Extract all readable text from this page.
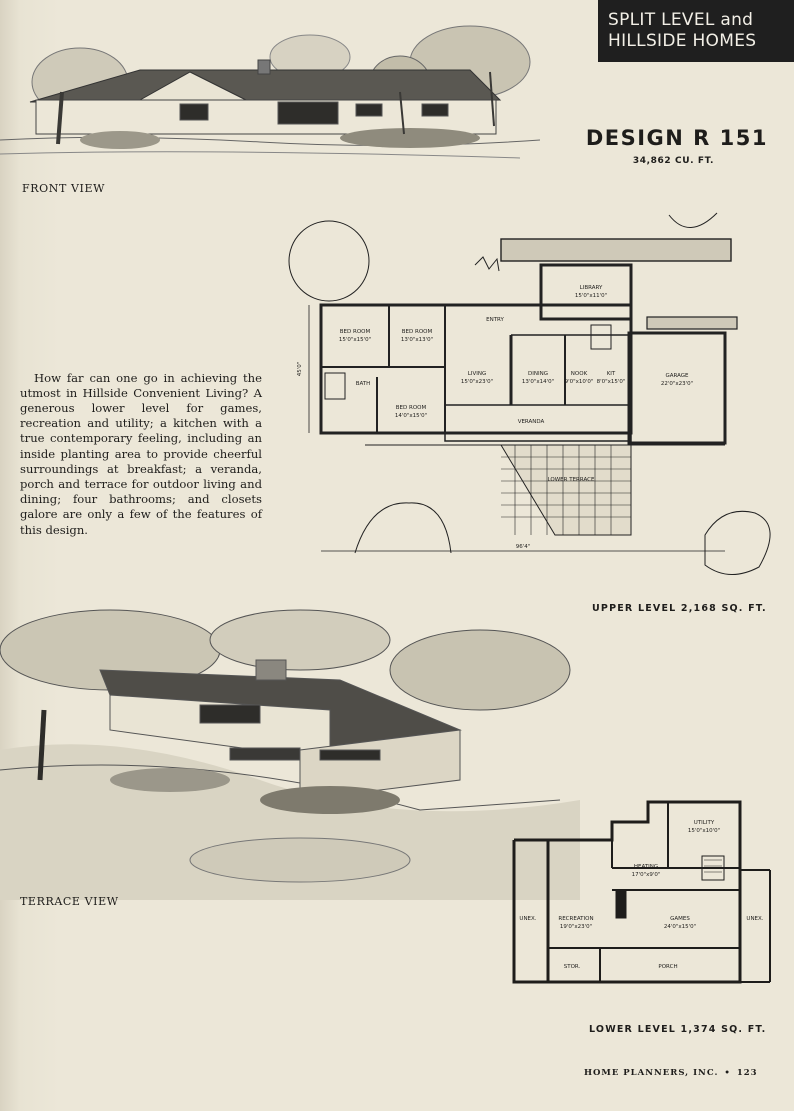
SPLIT LEVEL and
HILLSIDE HOMES
FRONT VIEW
DESIGN R 151
34,862 CU. FT.

How far can one go in achieving the utmost in Hillside Convenient Living? A generous lower level for games, recreation and utility; a kitchen with a true contemporary feeling, including an inside planting area to provide cheerful surroundings at breakfast; a veranda, porch and terrace for outdoor living and dining; four bathrooms; and closets galore are only a few of the features of this design.

BED ROOM
15'0"x15'0"
BED ROOM
13'0"x13'0"
BATH
BED ROOM
14'0"x15'0"
LIBRARY
15'0"x11'0"
ENTRY
LIVING
15'0"x23'0"
DINING
13'0"x14'0"
NOOK
9'0"x10'0"
KIT
8'0"x15'0"
GARAGE
22'0"x23'0"
VERANDA
LOWER TERRACE
96'4"
45'0"
UPPER LEVEL 2,168 SQ. FT.
TERRACE VIEW
UTILITY
15'0"x10'0"
HEATING
17'0"x9'0"
RECREATION
19'0"x23'0"
GAMES
24'0"x15'0"
UNEX.	UNEX.
STOR.	PORCH
LOWER LEVEL 1,374 SQ. FT.
HOME PLANNERS, INC. • 123
